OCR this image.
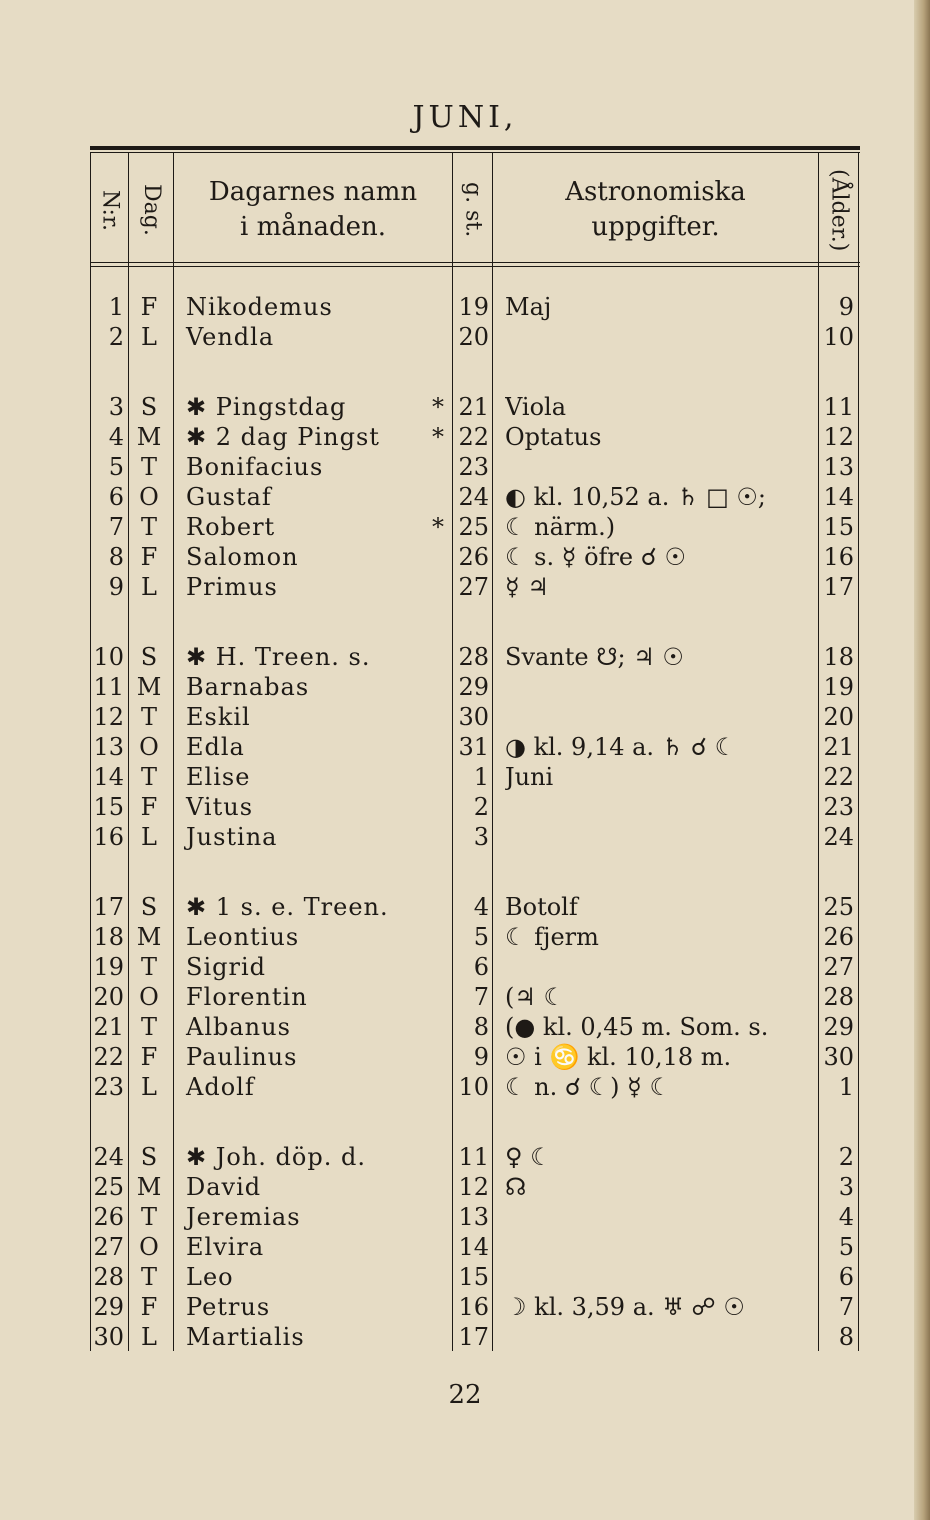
JUNI,
N:r. Dag. Dagarnes namn
i månaden.	g. st.	Astronomiska
uppgifter.	(Ålder.)
1 F	Nikodemus	19 Maj	9
2 L	Vendla	20	10
3 S	✱ Pingstdag	* 21 Viola	11
4 M ✱ 2 dag Pingst	* 22 Optatus	12
5 T	Bonifacius	23	13
6 O Gustaf	24 ◐ kl. 10,52 a. ♄ □ ☉;	14
7 T	Robert	* 25 ☾ närm.)	15
8 F	Salomon	26 ☾ s. ☿ öfre ☌ ☉	16
9 L	Primus	27 ☿ ♃	17
10 S	✱ H. Treen. s.	28 Svante ☋; ♃ ☉	18
11 M Barnabas	29	19
12 T	Eskil	30	20
13 O Edla	31 ◑ kl. 9,14 a. ♄ ☌ ☾	21
14 T	Elise	1 Juni	22
15 F	Vitus	2	23
16 L	Justina	3	24
17 S	✱ 1 s. e. Treen.	4 Botolf	25
18 M Leontius	5 ☾ fjerm	26
19 T	Sigrid	6	27
20 O Florentin	7 (♃ ☾	28
21 T	Albanus	8 (● kl. 0,45 m. Som. s.	29
22 F	Paulinus	9 ☉ i ♋ kl. 10,18 m.	30
23 L	Adolf	10 ☾ n. ☌ ☾) ☿ ☾	1
24 S	✱ Joh. döp. d.	11 ♀ ☾	2
25 M David	12 ☊	3
26 T	Jeremias	13	4
27 O Elvira	14	5
28 T	Leo	15	6
29 F	Petrus	16 ☽ kl. 3,59 a. ♅ ☍ ☉	7
30 L	Martialis	17	8
22
